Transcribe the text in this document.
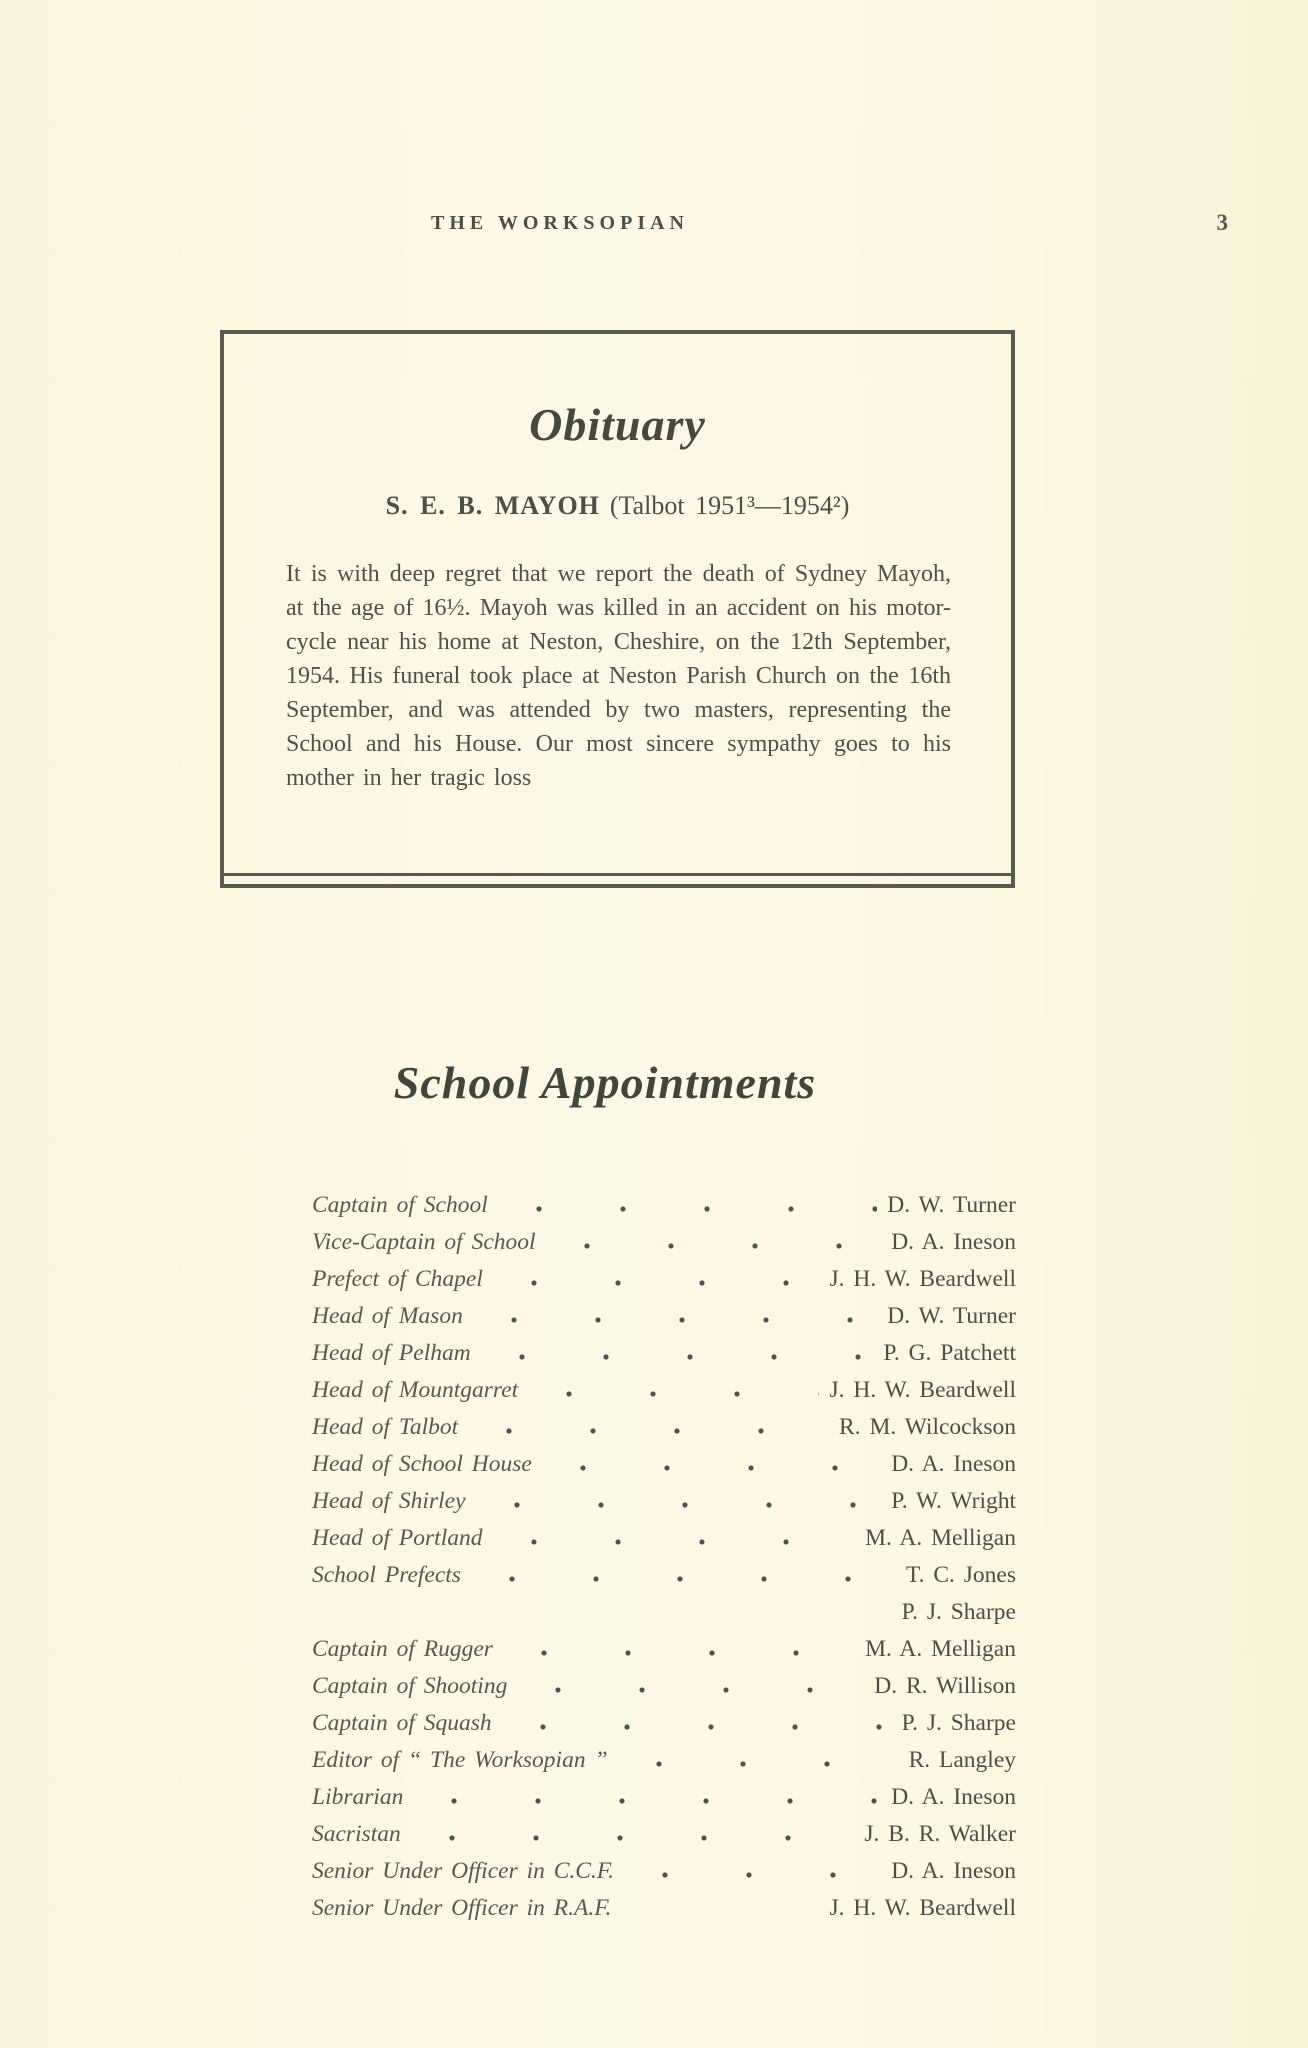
THE WORKSOPIAN	3
Obituary
S. E. B. MAYOH (Talbot 1951³—1954²)
It is with deep regret that we report the death of Sydney Mayoh, at the age of 16½. Mayoh was killed in an accident on his motor-cycle near his home at Neston, Cheshire, on the 12th September, 1954. His funeral took place at Neston Parish Church on the 16th September, and was attended by two masters, representing the School and his House. Our most sincere sympathy goes to his mother in her tragic loss
School Appointments
Captain of School	D. W. Turner
Vice-Captain of School	D. A. Ineson
Prefect of Chapel	J. H. W. Beardwell
Head of Mason	D. W. Turner
Head of Pelham	P. G. Patchett
Head of Mountgarret	J. H. W. Beardwell
Head of Talbot	R. M. Wilcockson
Head of School House	D. A. Ineson
Head of Shirley	P. W. Wright
Head of Portland	M. A. Melligan
School Prefects	T. C. Jones
P. J. Sharpe
Captain of Rugger	M. A. Melligan
Captain of Shooting	D. R. Willison
Captain of Squash	P. J. Sharpe
Editor of “ The Worksopian ”	R. Langley
Librarian	D. A. Ineson
Sacristan	J. B. R. Walker
Senior Under Officer in C.C.F.	D. A. Ineson
Senior Under Officer in R.A.F.	J. H. W. Beardwell
